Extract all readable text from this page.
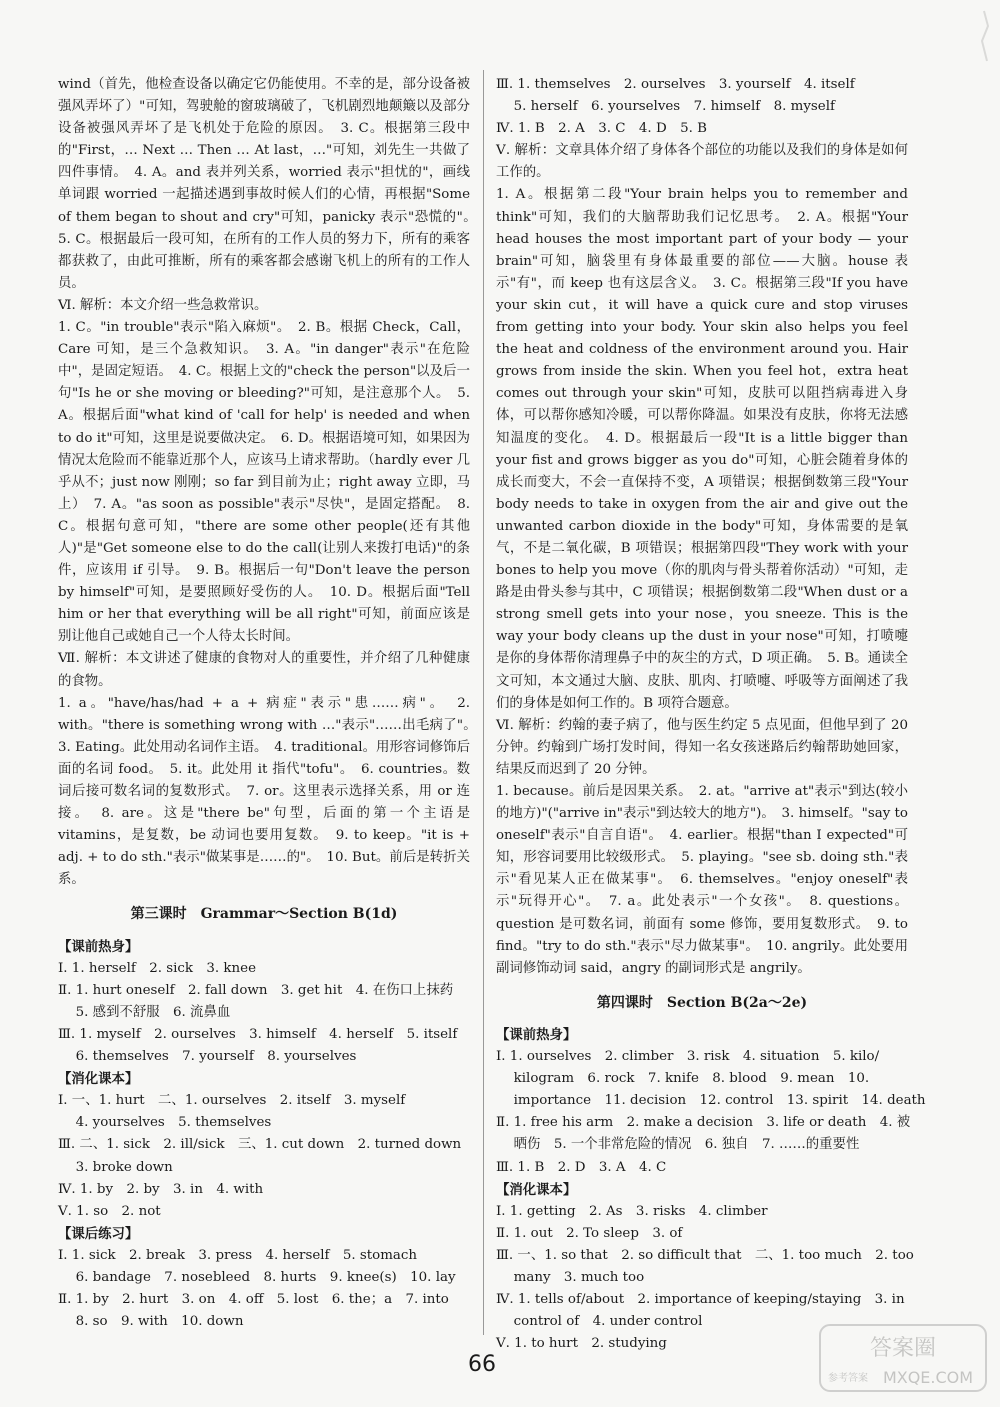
wind（首先，他检查设备以确定它仍能使用。不幸的是，部分设备被强风弄坏了）"可知，驾驶舱的窗玻璃破了，飞机剧烈地颠簸以及部分设备被强风弄坏了是飞机处于危险的原因。　3. C。根据第三段中的"First，… Next … Then … At last，…"可知，刘先生一共做了四件事情。　4. A。and 表并列关系，worried 表示"担忧的"，画线单词跟 worried 一起描述遇到事故时候人们的心情，再根据"Some of them began to shout and cry"可知，panicky 表示"恐慌的"。　5. C。根据最后一段可知，在所有的工作人员的努力下，所有的乘客都获救了，由此可推断，所有的乘客都会感谢飞机上的所有的工作人员。

Ⅵ. 解析：本文介绍一些急救常识。

1. C。"in trouble"表示"陷入麻烦"。　2. B。根据 Check，Call，Care 可知，是三个急救知识。　3. A。"in danger"表示"在危险中"，是固定短语。　4. C。根据上文的"check the person"以及后一句"Is he or she moving or bleeding?"可知，是注意那个人。　5. A。根据后面"what kind of 'call for help' is needed and when to do it"可知，这里是说要做决定。　6. D。根据语境可知，如果因为情况太危险而不能靠近那个人，应该马上请求帮助。（hardly ever 几乎从不；just now 刚刚；so far 到目前为止；right away 立即，马上）　7. A。"as soon as possible"表示"尽快"，是固定搭配。　8. C。根据句意可知，"there are some other people(还有其他人)"是"Get someone else to do the call(让别人来拨打电话)"的条件，应该用 if 引导。　9. B。根据后一句"Don't leave the person by himself"可知，是要照顾好受伤的人。　10. D。根据后面"Tell him or her that everything will be all right"可知，前面应该是别让他自己或她自己一个人待太长时间。

Ⅶ. 解析：本文讲述了健康的食物对人的重要性，并介绍了几种健康的食物。

1. a。"have/has/had + a + 病症"表示"患……病"。　2. with。"there is something wrong with …"表示"……出毛病了"。　3. Eating。此处用动名词作主语。　4. traditional。用形容词修饰后面的名词 food。　5. it。此处用 it 指代"tofu"。　6. countries。数词后接可数名词的复数形式。　7. or。这里表示选择关系，用 or 连接。　8. are。这是"there be"句型，后面的第一个主语是 vitamins，是复数，be 动词也要用复数。　9. to keep。"it is + adj. + to do sth."表示"做某事是……的"。　10. But。前后是转折关系。

第三课时　Grammar～Section B(1d)

【课前热身】

Ⅰ. 1. herself　2. sick　3. knee

Ⅱ. 1. hurt oneself　2. fall down　3. get hit　4. 在伤口上抹药

　 5. 感到不舒服　6. 流鼻血

Ⅲ. 1. myself　2. ourselves　3. himself　4. herself　5. itself

　 6. themselves　7. yourself　8. yourselves

【消化课本】

Ⅰ. 一、1. hurt　二、1. ourselves　2. itself　3. myself

　 4. yourselves　5. themselves

Ⅲ. 二、1. sick　2. ill/sick　三、1. cut down　2. turned down

　 3. broke down

Ⅳ. 1. by　2. by　3. in　4. with

Ⅴ. 1. so　2. not

【课后练习】

Ⅰ. 1. sick　2. break　3. press　4. herself　5. stomach

　 6. bandage　7. nosebleed　8. hurts　9. knee(s)　10. lay

Ⅱ. 1. by　2. hurt　3. on　4. off　5. lost　6. the；a　7. into

　 8. so　9. with　10. down

Ⅲ. 1. themselves　2. ourselves　3. yourself　4. itself

　 5. herself　6. yourselves　7. himself　8. myself

Ⅳ. 1. B　2. A　3. C　4. D　5. B

Ⅴ. 解析：文章具体介绍了身体各个部位的功能以及我们的身体是如何工作的。

1. A。根据第二段"Your brain helps you to remember and think"可知，我们的大脑帮助我们记忆思考。　2. A。根据"Your head houses the most important part of your body — your brain"可知，脑袋里有身体最重要的部位——大脑。house 表示"有"，而 keep 也有这层含义。　3. C。根据第三段"If you have your skin cut，it will have a quick cure and stop viruses from getting into your body. Your skin also helps you feel the heat and coldness of the environment around you. Hair grows from inside the skin. When you feel hot，extra heat comes out through your skin"可知，皮肤可以阻挡病毒进入身体，可以帮你感知冷暖，可以帮你降温。如果没有皮肤，你将无法感知温度的变化。　4. D。根据最后一段"It is a little bigger than your fist and grows bigger as you do"可知，心脏会随着身体的成长而变大，不会一直保持不变，A 项错误；根据倒数第三段"Your body needs to take in oxygen from the air and give out the unwanted carbon dioxide in the body"可知，身体需要的是氧气，不是二氧化碳，B 项错误；根据第四段"They work with your bones to help you move（你的肌肉与骨头帮着你活动）"可知，走路是由骨头参与其中，C 项错误；根据倒数第二段"When dust or a strong smell gets into your nose，you sneeze. This is the way your body cleans up the dust in your nose"可知，打喷嚏是你的身体帮你清理鼻子中的灰尘的方式，D 项正确。　5. B。通读全文可知，本文通过大脑、皮肤、肌肉、打喷嚏、呼吸等方面阐述了我们的身体是如何工作的。B 项符合题意。

Ⅵ. 解析：约翰的妻子病了，他与医生约定 5 点见面，但他早到了 20 分钟。约翰到广场打发时间，得知一名女孩迷路后约翰帮助她回家，结果反而迟到了 20 分钟。

1. because。前后是因果关系。　2. at。"arrive at"表示"到达(较小的地方)"("arrive in"表示"到达较大的地方")。　3. himself。"say to oneself"表示"自言自语"。　4. earlier。根据"than I expected"可知，形容词要用比较级形式。　5. playing。"see sb. doing sth."表示"看见某人正在做某事"。　6. themselves。"enjoy oneself"表示"玩得开心"。　7. a。此处表示"一个女孩"。　8. questions。question 是可数名词，前面有 some 修饰，要用复数形式。　9. to find。"try to do sth."表示"尽力做某事"。　10. angrily。此处要用副词修饰动词 said，angry 的副词形式是 angrily。

第四课时　Section B(2a～2e)

【课前热身】

Ⅰ. 1. ourselves　2. climber　3. risk　4. situation　5. kilo/

　 kilogram　6. rock　7. knife　8. blood　9. mean　10.

　 importance　11. decision　12. control　13. spirit　14. death

Ⅱ. 1. free his arm　2. make a decision　3. life or death　4. 被

　 晒伤　5. 一个非常危险的情况　6. 独自　7. ……的重要性

Ⅲ. 1. B　2. D　3. A　4. C

【消化课本】

Ⅰ. 1. getting　2. As　3. risks　4. climber

Ⅱ. 1. out　2. To sleep　3. of

Ⅲ. 一、1. so that　2. so difficult that　二、1. too much　2. too

　 many　3. much too

Ⅳ. 1. tells of/about　2. importance of keeping/staying　3. in

　 control of　4. under control

Ⅴ. 1. to hurt　2. studying

66
答案圈
参考答案 MXQE.COM
